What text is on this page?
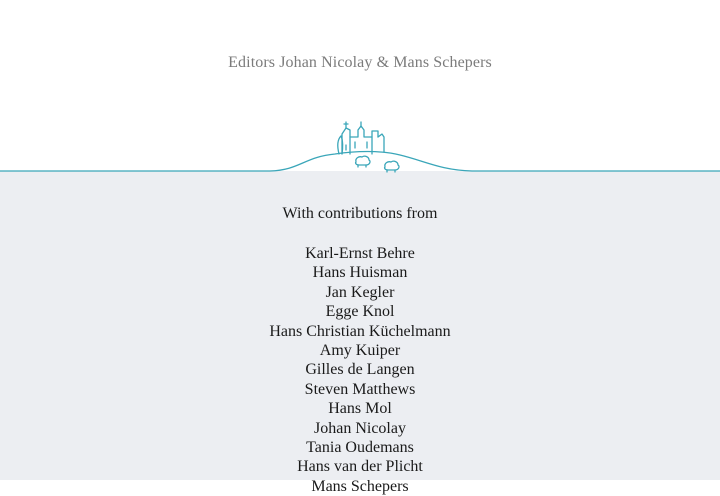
Editors Johan Nicolay & Mans Schepers
With contributions from
Karl-Ernst Behre
Hans Huisman
Jan Kegler
Egge Knol
Hans Christian Küchelmann
Amy Kuiper
Gilles de Langen
Steven Matthews
Hans Mol
Johan Nicolay
Tania Oudemans
Hans van der Plicht
Mans Schepers
